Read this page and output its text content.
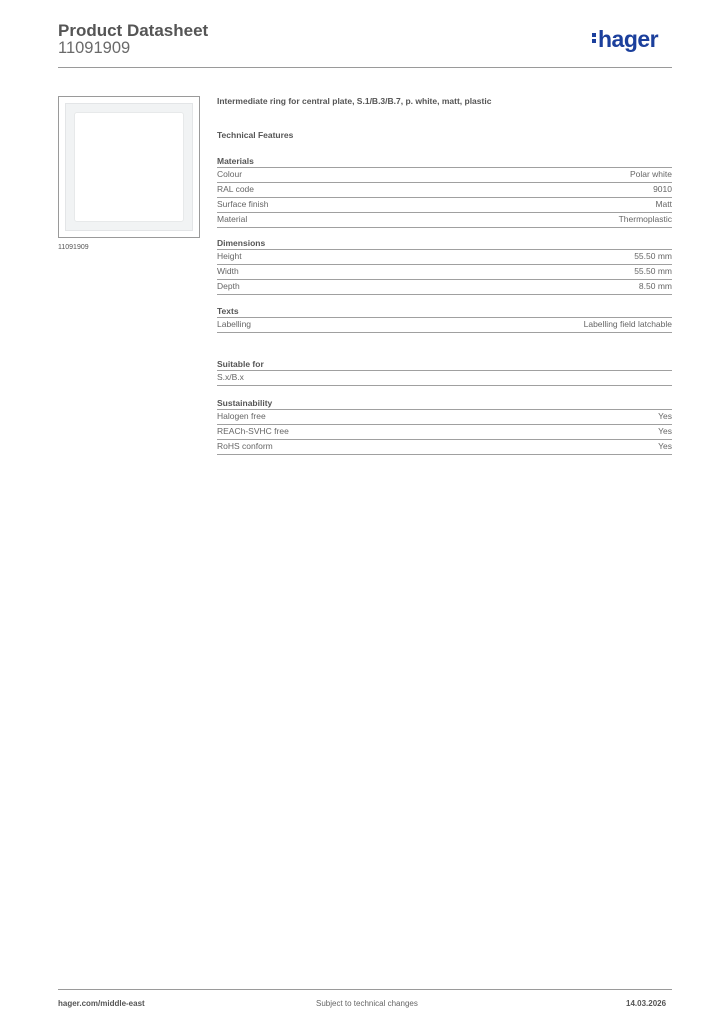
Product Datasheet
11091909	hager
11091909
Intermediate ring for central plate, S.1/B.3/B.7, p. white, matt, plastic
Technical Features
Materials
Colour	Polar white
RAL code	9010
Surface finish	Matt
Material	Thermoplastic
Dimensions
Height	55.50 mm
Width	55.50 mm
Depth	8.50 mm
Texts
Labelling	Labelling field latchable
Suitable for
S.x/B.x
Sustainability
Halogen free	Yes
REACh-SVHC free	Yes
RoHS conform	Yes
hager.com/middle-east	Subject to technical changes	14.03.2026
